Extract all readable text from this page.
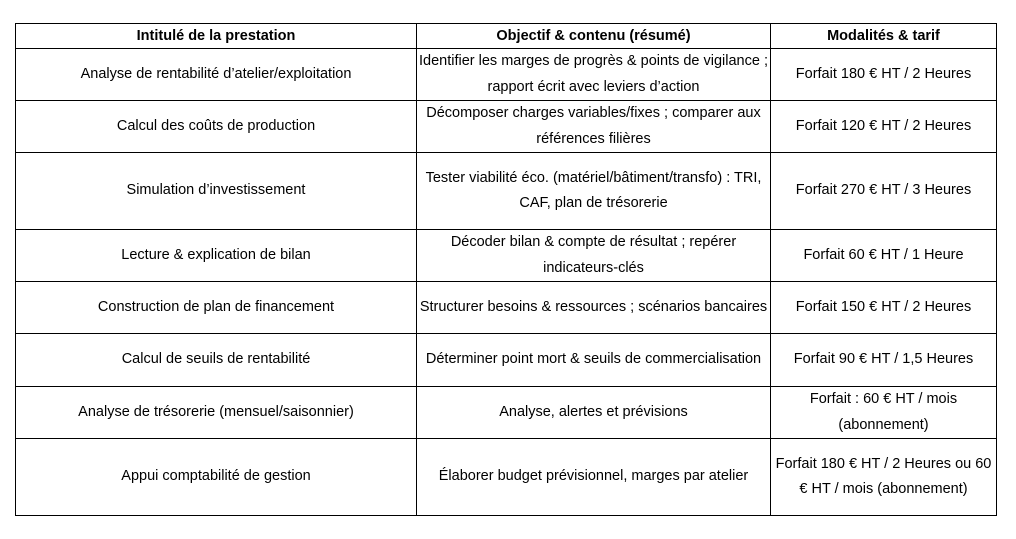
Intitulé de la prestation	Objectif & contenu (résumé)	Modalités & tarif
Analyse de rentabilité d’atelier/exploitation	Identifier les marges de progrès & points de vigilance ; rapport écrit avec leviers d’action	Forfait 180 € HT / 2 Heures
Calcul des coûts de production	Décomposer charges variables/fixes ; comparer aux références filières	Forfait 120 € HT / 2 Heures
Simulation d’investissement	Tester viabilité éco. (matériel/bâtiment/transfo) : TRI, CAF, plan de trésorerie	Forfait 270 € HT / 3 Heures
Lecture & explication de bilan	Décoder bilan & compte de résultat ; repérer indicateurs-clés	Forfait 60 € HT / 1 Heure
Construction de plan de financement	Structurer besoins & ressources ; scénarios bancaires	Forfait 150 € HT / 2 Heures
Calcul de seuils de rentabilité	Déterminer point mort & seuils de commercialisation	Forfait 90 € HT / 1,5 Heures
Analyse de trésorerie (mensuel/saisonnier)	Analyse, alertes et prévisions	Forfait : 60 € HT / mois (abonnement)
Appui comptabilité de gestion	Élaborer budget prévisionnel, marges par atelier	Forfait 180 € HT / 2 Heures ou 60 € HT / mois (abonnement)
